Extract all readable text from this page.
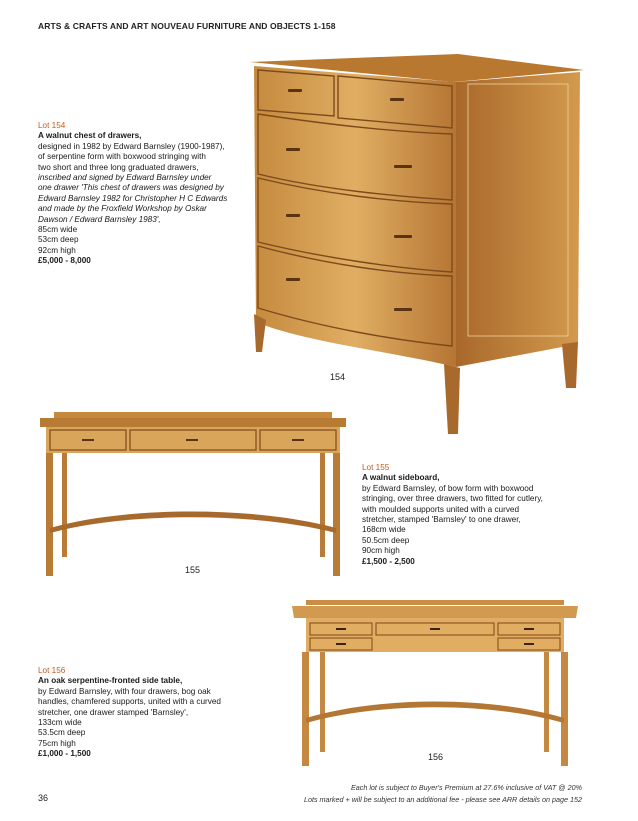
ARTS & CRAFTS AND ART NOUVEAU FURNITURE AND OBJECTS 1-158
Lot 154
A walnut chest of drawers,
designed in 1982 by Edward Barnsley (1900-1987),
of serpentine form with boxwood stringing with
two short and three long graduated drawers,
inscribed and signed by Edward Barnsley under
one drawer 'This chest of drawers was designed by
Edward Barnsley 1982 for Christopher H C Edwards
and made by the Froxfield Workshop by Oskar
Dawson / Edward Barnsley 1983',
85cm wide
53cm deep
92cm high
£5,000 - 8,000
154
155
Lot 155
A walnut sideboard,
by Edward Barnsley, of bow form with boxwood
stringing, over three drawers, two fitted for cutlery,
with moulded supports united with a curved
stretcher, stamped 'Barnsley' to one drawer,
168cm wide
50.5cm deep
90cm high
£1,500 - 2,500
156
Lot 156
An oak serpentine-fronted side table,
by Edward Barnsley, with four drawers, bog oak
handles, chamfered supports, united with a curved
stretcher, one drawer stamped 'Barnsley',
133cm wide
53.5cm deep
75cm high
£1,000 - 1,500
Each lot is subject to Buyer's Premium at 27.6% inclusive of VAT @ 20%
Lots marked + will be subject to an additional fee - please see ARR details on page 152
36
